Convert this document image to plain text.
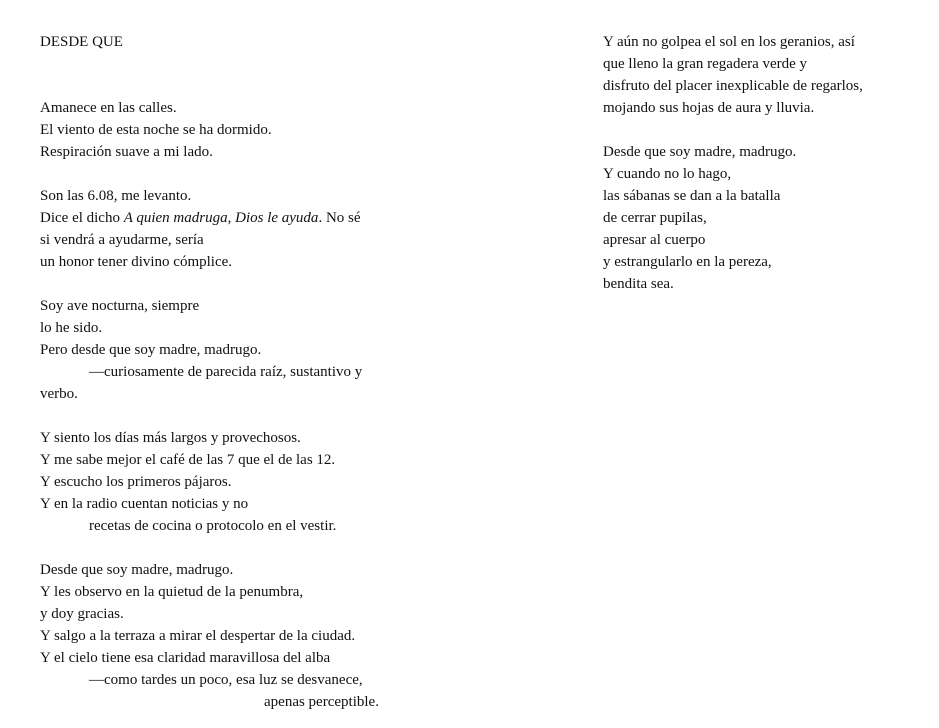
DESDE QUE
Amanece en las calles.
El viento de esta noche se ha dormido.
Respiración suave a mi lado.
Son las 6.08, me levanto.
Dice el dicho A quien madruga, Dios le ayuda. No sé
si vendrá a ayudarme, sería
un honor tener divino cómplice.
Soy ave nocturna, siempre
lo he sido.
Pero desde que soy madre, madrugo.
—curiosamente de parecida raíz, sustantivo y
verbo.
Y siento los días más largos y provechosos.
Y me sabe mejor el café de las 7 que el de las 12.
Y escucho los primeros pájaros.
Y en la radio cuentan noticias y no
recetas de cocina o protocolo en el vestir.
Desde que soy madre, madrugo.
Y les observo en la quietud de la penumbra,
y doy gracias.
Y salgo a la terraza a mirar el despertar de la ciudad.
Y el cielo tiene esa claridad maravillosa del alba
—como tardes un poco, esa luz se desvanece,
apenas perceptible.
Y aún no golpea el sol en los geranios, así
que lleno la gran regadera verde y
disfruto del placer inexplicable de regarlos,
mojando sus hojas de aura y lluvia.
Desde que soy madre, madrugo.
Y cuando no lo hago,
las sábanas se dan a la batalla
de cerrar pupilas,
apresar al cuerpo
y estrangularlo en la pereza,
bendita sea.
